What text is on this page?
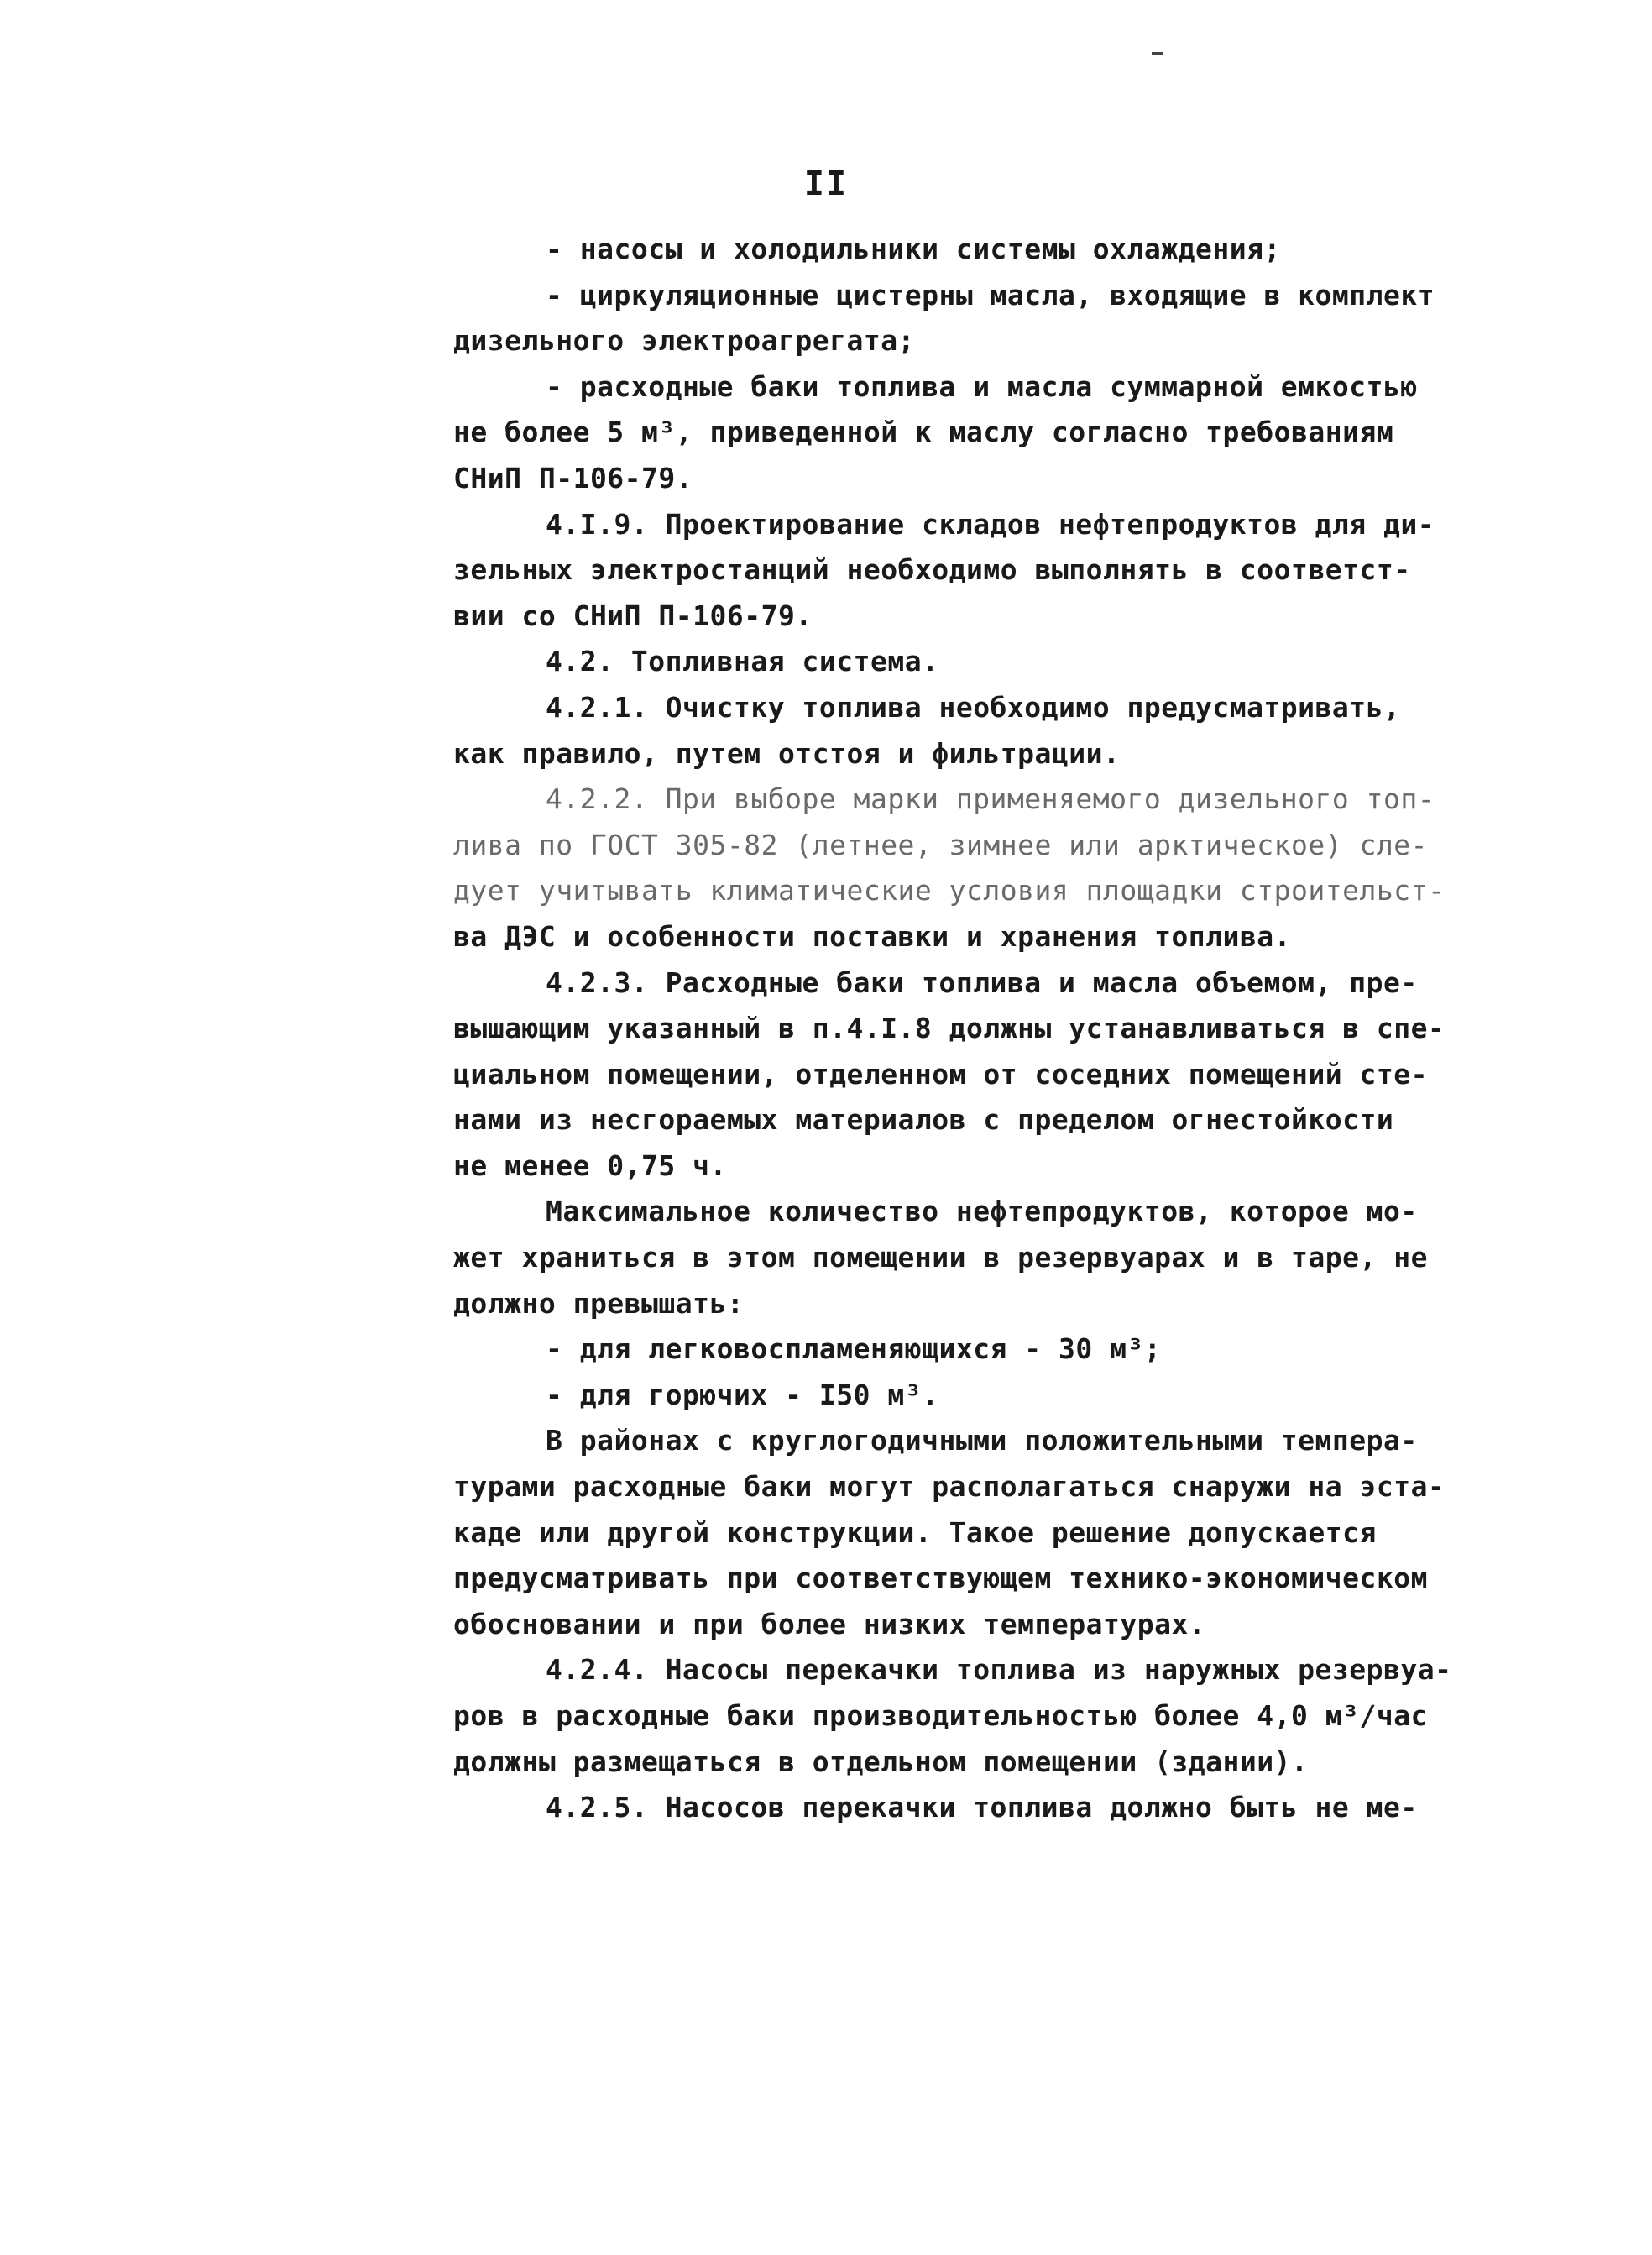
II
- насосы и холодильники системы охлаждения;
- циркуляционные цистерны масла, входящие в комплект
дизельного электроагрегата;
- расходные баки топлива и масла суммарной емкостью
не более 5 м³, приведенной к маслу согласно требованиям
СНиП П-106-79.
4.I.9. Проектирование складов нефтепродуктов для ди-
зельных электростанций необходимо выполнять в соответст-
вии со СНиП П-106-79.
4.2. Топливная система.
4.2.1. Очистку топлива необходимо предусматривать,
как правило, путем отстоя и фильтрации.
4.2.2. При выборе марки применяемого дизельного топ-
лива по ГОСТ 305-82 (летнее, зимнее или арктическое) сле-
дует учитывать климатические условия площадки строительст-
ва ДЭС и особенности поставки и хранения топлива.
4.2.3. Расходные баки топлива и масла объемом, пре-
вышающим указанный в п.4.I.8 должны устанавливаться в спе-
циальном помещении, отделенном от соседних помещений сте-
нами из несгораемых материалов с пределом огнестойкости
не менее 0,75 ч.
Максимальное количество нефтепродуктов, которое мо-
жет храниться в этом помещении в резервуарах и в таре, не
должно превышать:
- для легковоспламеняющихся - 30 м³;
- для горючих - I50 м³.
В районах с круглогодичными положительными темпера-
турами расходные баки могут располагаться снаружи на эста-
каде или другой конструкции. Такое решение допускается
предусматривать при соответствующем технико-экономическом
обосновании и при более низких температурах.
4.2.4. Насосы перекачки топлива из наружных резервуа-
ров в расходные баки производительностью более 4,0 м³/час
должны размещаться в отдельном помещении (здании).
4.2.5. Насосов перекачки топлива должно быть не ме-
